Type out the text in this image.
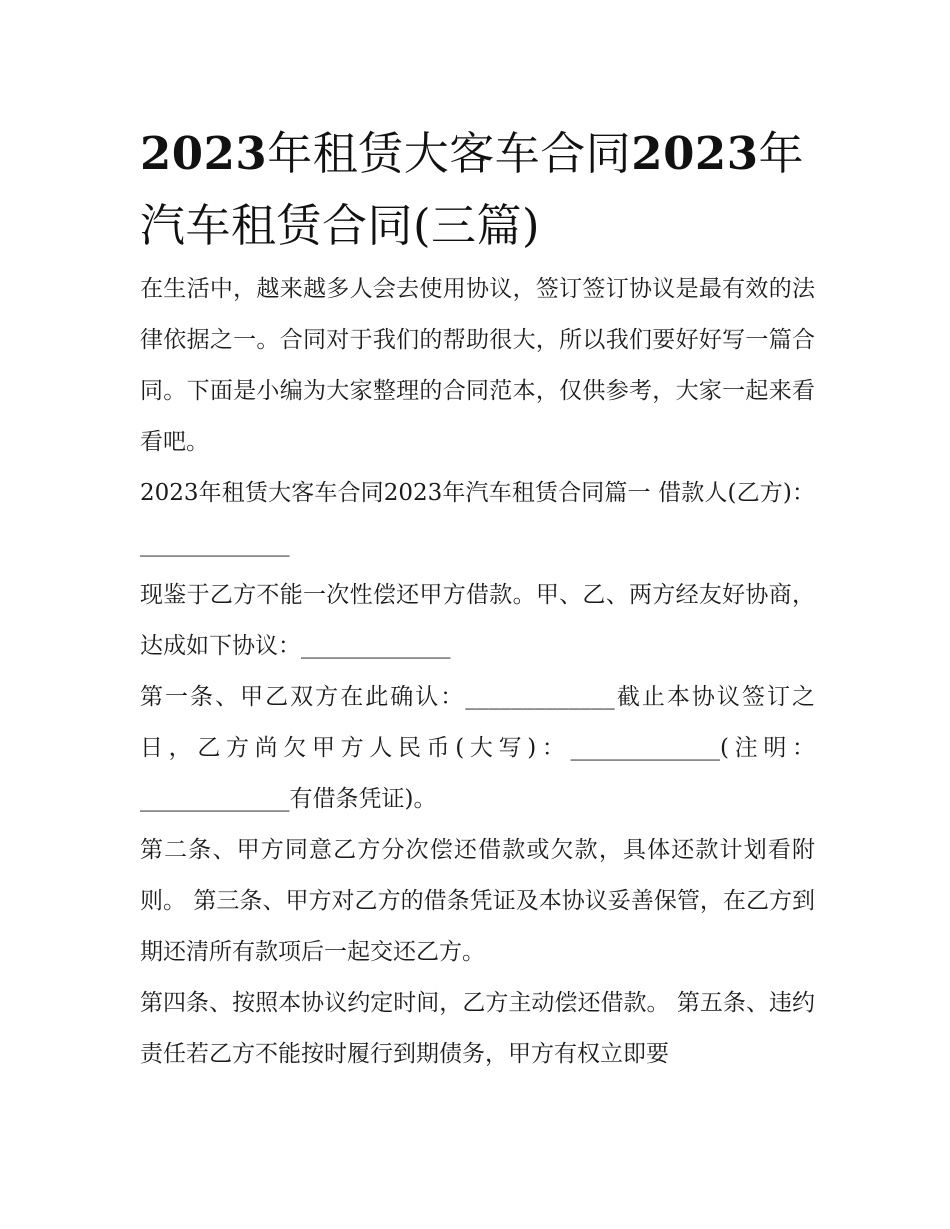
2023年租赁大客车合同2023年汽车租赁合同(三篇)

在生活中，越来越多人会去使用协议，签订签订协议是最有效的法律依据之一。合同对于我们的帮助很大，所以我们要好好写一篇合同。下面是小编为大家整理的合同范本，仅供参考，大家一起来看看吧。

2023年租赁大客车合同2023年汽车租赁合同篇一 借款人(乙方)：_____________

现鉴于乙方不能一次性偿还甲方借款。甲、乙、两方经友好协商，达成如下协议：_____________

第一条、甲乙双方在此确认：_____________截止本协议签订之日，乙方尚欠甲方人民币(大写)：_____________(注明：_____________有借条凭证)。

第二条、甲方同意乙方分次偿还借款或欠款，具体还款计划看附则。 第三条、甲方对乙方的借条凭证及本协议妥善保管，在乙方到期还清所有款项后一起交还乙方。

第四条、按照本协议约定时间，乙方主动偿还借款。 第五条、违约责任若乙方不能按时履行到期债务，甲方有权立即要
